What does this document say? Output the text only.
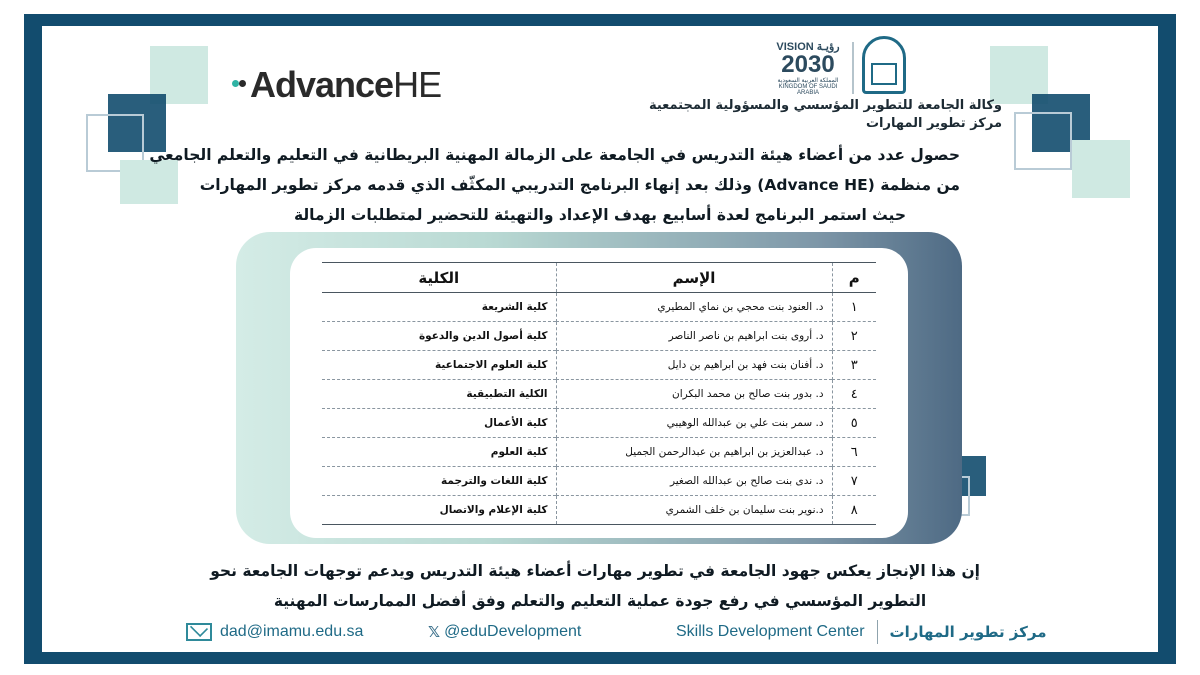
AdvanceHE
VISION رؤيـة
2030
المملكة العربية السعودية
KINGDOM OF SAUDI ARABIA
وكالة الجامعة للتطوير المؤسسي والمسؤولية المجتمعية
مركز تطوير المهارات
حصول عدد من أعضاء هيئة التدريس في الجامعة على الزمالة المهنية البريطانية في التعليم والتعلم الجامعي
من منظمة (Advance HE) وذلك بعد إنهاء البرنامج التدريبي المكثّف الذي قدمه مركز تطوير المهارات
حيث استمر البرنامج لعدة أسابيع بهدف الإعداد والتهيئة للتحضير لمتطلبات الزمالة
م	الإسم	الكلية
١	د. العنود بنت محجي بن نماي المطيري	كلية الشريعة
٢	د. أروى بنت ابراهيم بن ناصر الناصر	كلية أصول الدين والدعوة
٣	د. أفنان بنت فهد بن ابراهيم بن دايل	كلية العلوم الاجتماعية
٤	د. بدور بنت صالح بن محمد البكران	الكلية التطبيقية
٥	د. سمر بنت علي بن عبدالله الوهيبي	كلية الأعمال
٦	د. عبدالعزيز بن ابراهيم بن عبدالرحمن الجميل	كلية العلوم
٧	د. ندى بنت صالح بن عبدالله الصغير	كلية اللغات والترجمة
٨	د.نوير بنت سليمان بن خلف الشمري	كلية الإعلام والاتصال
إن هذا الإنجاز يعكس جهود الجامعة في تطوير مهارات أعضاء هيئة التدريس ويدعم توجهات الجامعة نحو
التطوير المؤسسي في رفع جودة عملية التعليم والتعلم وفق أفضل الممارسات المهنية
dad@imamu.edu.sa	𝕏 @eduDevelopment	Skills Development Center مركز تطوير المهارات
